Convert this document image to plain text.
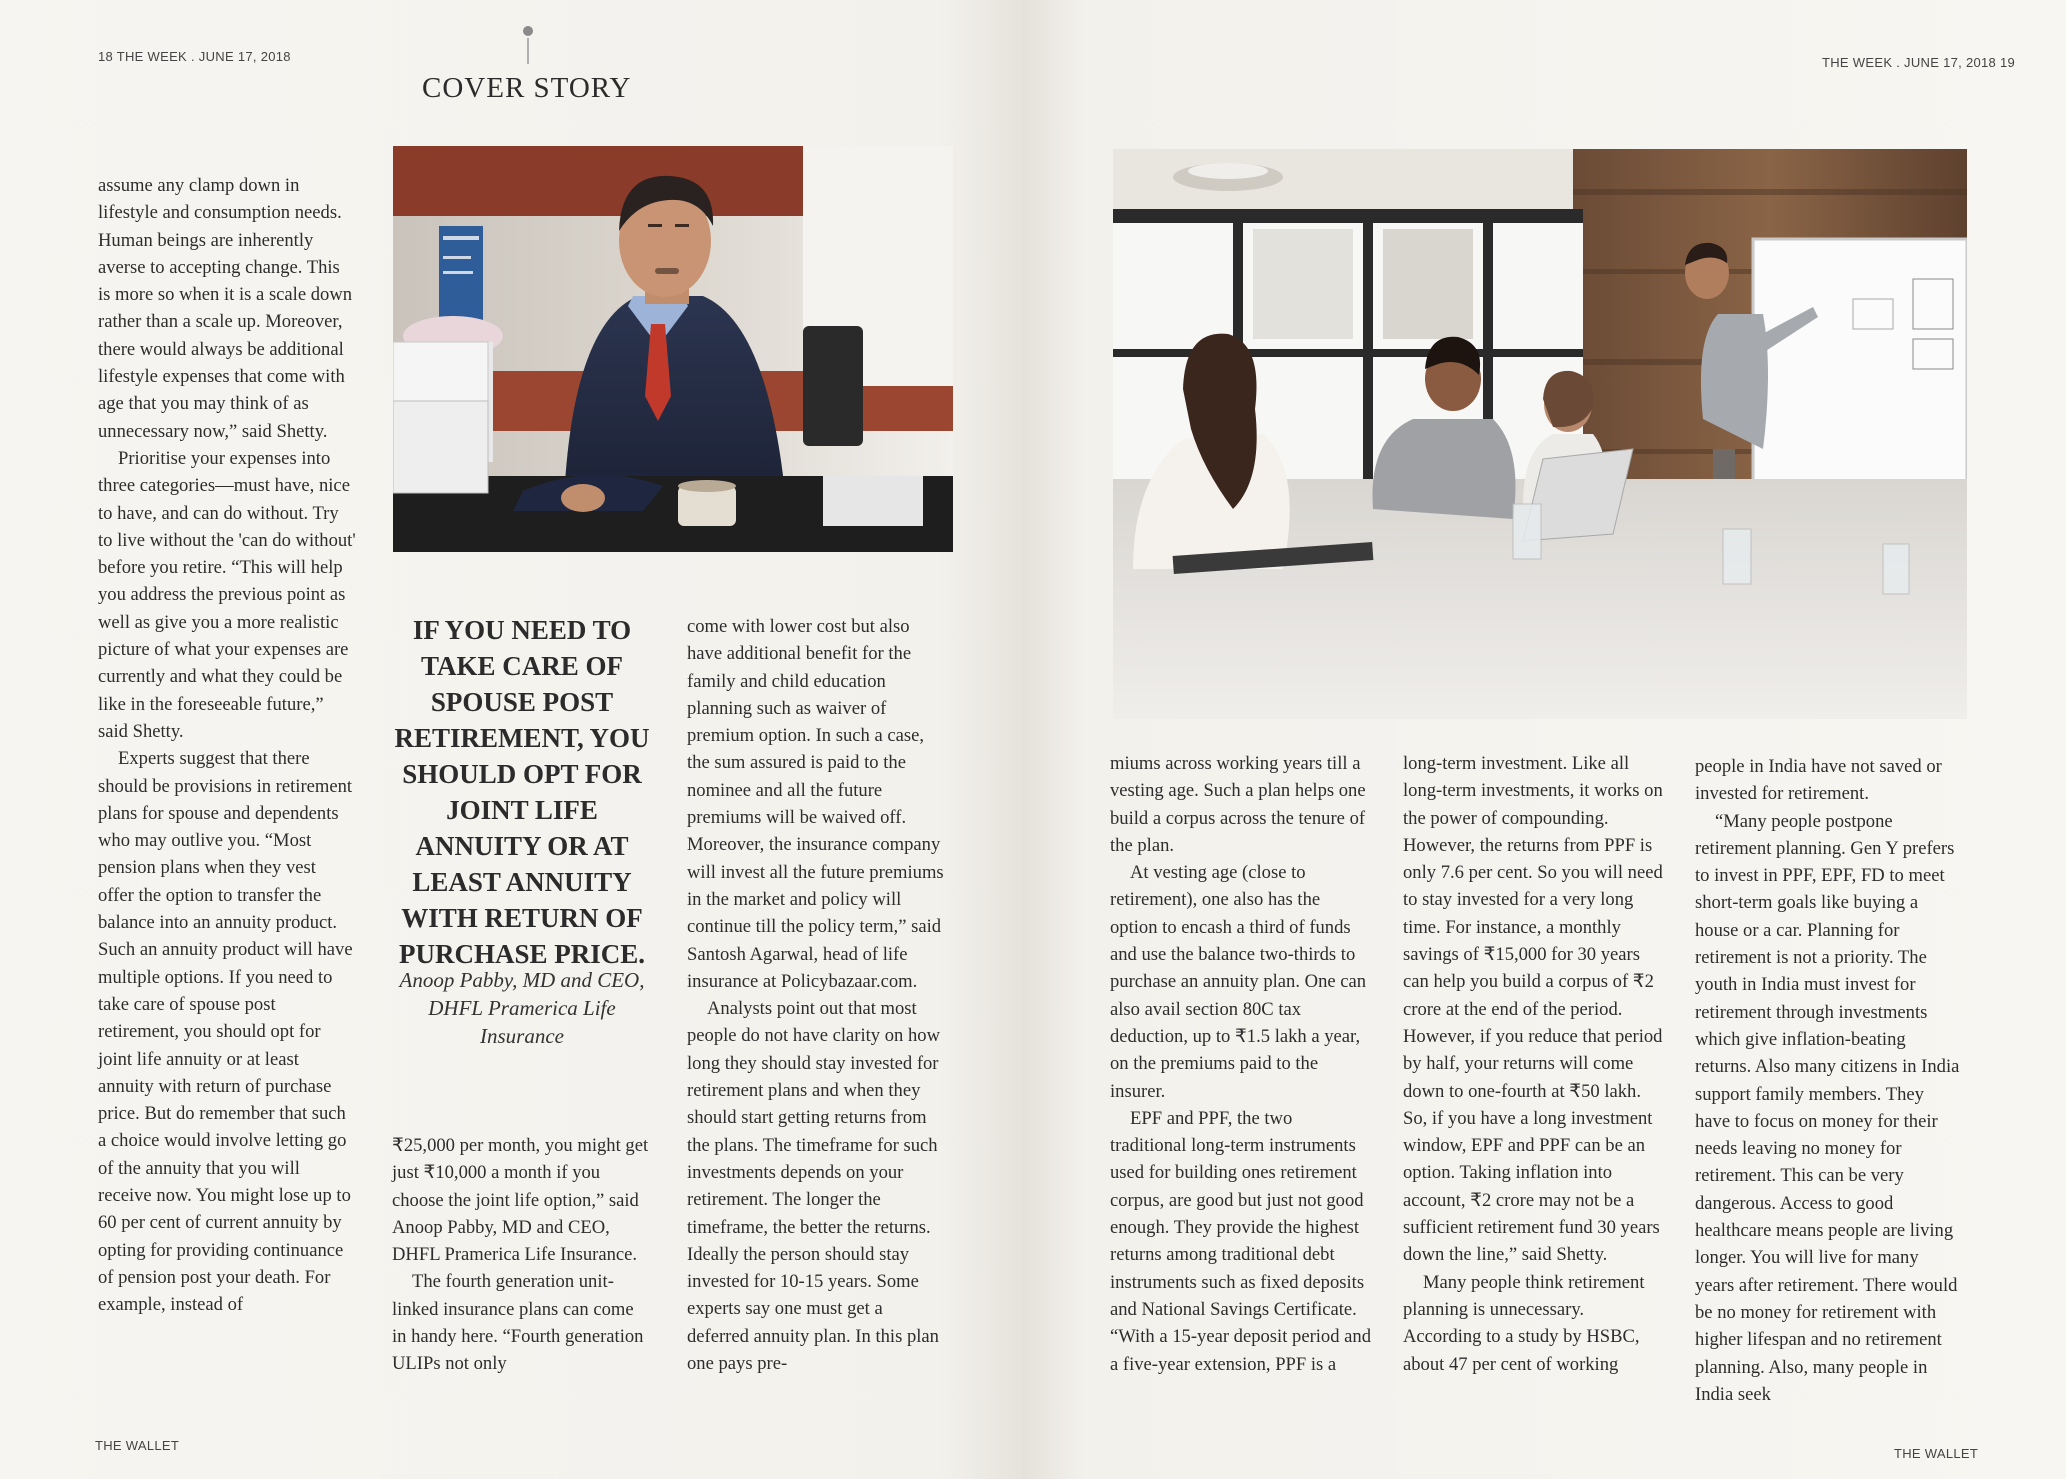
18 THE WEEK . JUNE 17, 2018	THE WEEK . JUNE 17, 2018 19
COVER STORY

assume any clamp down in lifestyle and consumption needs. Human beings are inherently averse to accepting change. This is more so when it is a scale down rather than a scale up. Moreover, there would always be additional lifestyle expenses that come with age that you may think of as unnecessary now,” said Shetty.

Prioritise your expenses into three categories—must have, nice to have, and can do without. Try to live without the 'can do without' before you retire. “This will help you address the previous point as well as give you a more realistic picture of what your expenses are currently and what they could be like in the foreseeable future,” said Shetty.

Experts suggest that there should be provisions in retirement plans for spouse and dependents who may outlive you. “Most pension plans when they vest offer the option to transfer the balance into an annuity product. Such an annuity product will have multiple options. If you need to take care of spouse post retirement, you should opt for joint life annuity or at least annuity with return of purchase price. But do remember that such a choice would involve letting go of the annuity that you will receive now. You might lose up to 60 per cent of current annuity by opting for providing continuance of pension post your death. For example, instead of

IF YOU NEED TO TAKE CARE OF SPOUSE POST RETIREMENT, YOU SHOULD OPT FOR JOINT LIFE ANNUITY OR AT LEAST ANNUITY WITH RETURN OF PURCHASE PRICE.
Anoop Pabby, MD and CEO, DHFL Pramerica Life Insurance

₹25,000 per month, you might get just ₹10,000 a month if you choose the joint life option,” said Anoop Pabby, MD and CEO, DHFL Pramerica Life Insurance.

The fourth generation unit-linked insurance plans can come in handy here. “Fourth generation ULIPs not only

come with lower cost but also have additional benefit for the family and child education planning such as waiver of premium option. In such a case, the sum assured is paid to the nominee and all the future premiums will be waived off. Moreover, the insurance company will invest all the future premiums in the market and policy will continue till the policy term,” said Santosh Agarwal, head of life insurance at Policybazaar.com.

Analysts point out that most people do not have clarity on how long they should stay invested for retirement plans and when they should start getting returns from the plans. The timeframe for such investments depends on your retirement. The longer the timeframe, the better the returns. Ideally the person should stay invested for 10-15 years. Some experts say one must get a deferred annuity plan. In this plan one pays pre-

miums across working years till a vesting age. Such a plan helps one build a corpus across the tenure of the plan.

At vesting age (close to retirement), one also has the option to encash a third of funds and use the balance two-thirds to purchase an annuity plan. One can also avail section 80C tax deduction, up to ₹1.5 lakh a year, on the premiums paid to the insurer.

EPF and PPF, the two traditional long-term instruments used for building ones retirement corpus, are good but just not good enough. They provide the highest returns among traditional debt instruments such as fixed deposits and National Savings Certificate. “With a 15-year deposit period and a five-year extension, PPF is a

long-term investment. Like all long-term investments, it works on the power of compounding. However, the returns from PPF is only 7.6 per cent. So you will need to stay invested for a very long time. For instance, a monthly savings of ₹15,000 for 30 years can help you build a corpus of ₹2 crore at the end of the period. However, if you reduce that period by half, your returns will come down to one-fourth at ₹50 lakh. So, if you have a long investment window, EPF and PPF can be an option. Taking inflation into account, ₹2 crore may not be a sufficient retirement fund 30 years down the line,” said Shetty.

Many people think retirement planning is unnecessary. According to a study by HSBC, about 47 per cent of working

people in India have not saved or invested for retirement.

“Many people postpone retirement planning. Gen Y prefers to invest in PPF, EPF, FD to meet short-term goals like buying a house or a car. Planning for retirement is not a priority. The youth in India must invest for retirement through investments which give inflation-beating returns. Also many citizens in India support family members. They have to focus on money for their needs leaving no money for retirement. This can be very dangerous. Access to good healthcare means people are living longer. You will live for many years after retirement. There would be no money for retirement with higher lifespan and no retirement planning. Also, many people in India seek

THE WALLET
THE WALLET
